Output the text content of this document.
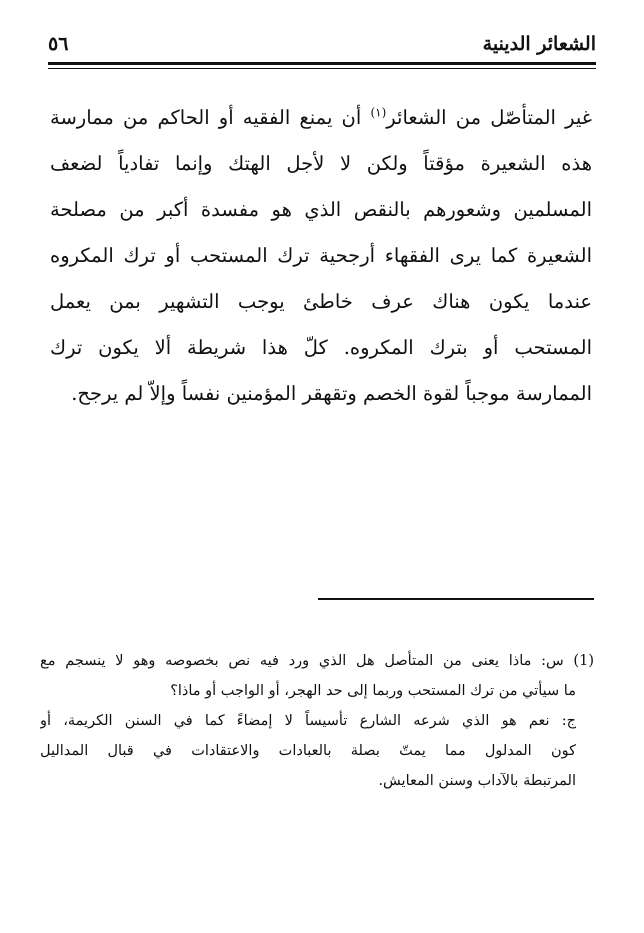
الشعائر الدينية
٥٦
غير المتأصّل من الشعائر$^{(١)}$ أن يمنع الفقيه أو الحاكم من ممارسة
هذه الشعيرة مؤقتاً ولكن لا لأجل الهتك وإنما تفادياً لضعف
المسلمين وشعورهم بالنقص الذي هو مفسدة أكبر من مصلحة
الشعيرة كما يرى الفقهاء أرجحية ترك المستحب أو ترك المكروه
عندما يكون هناك عرف خاطئ يوجب التشهير بمن يعمل
المستحب أو بترك المكروه. كلّ هذا شريطة ألا يكون ترك
الممارسة موجباً لقوة الخصم وتقهقر المؤمنين نفساً وإلاّ لم يرجح.
(1) س: ماذا يعنى من المتأصل هل الذي ورد فيه نص بخصوصه وهو لا ينسجم مع
ما سيأتي من ترك المستحب وربما إلى حد الهجر، أو الواجب أو ماذا؟
ج: نعم هو الذي شرعه الشارع تأسيساً لا إمضاءً كما في السنن الكريمة، أو
كون المدلول مما يمتّ بصلة بالعبادات والاعتقادات في قبال المداليل
المرتبطة بالآداب وسنن المعايش.
